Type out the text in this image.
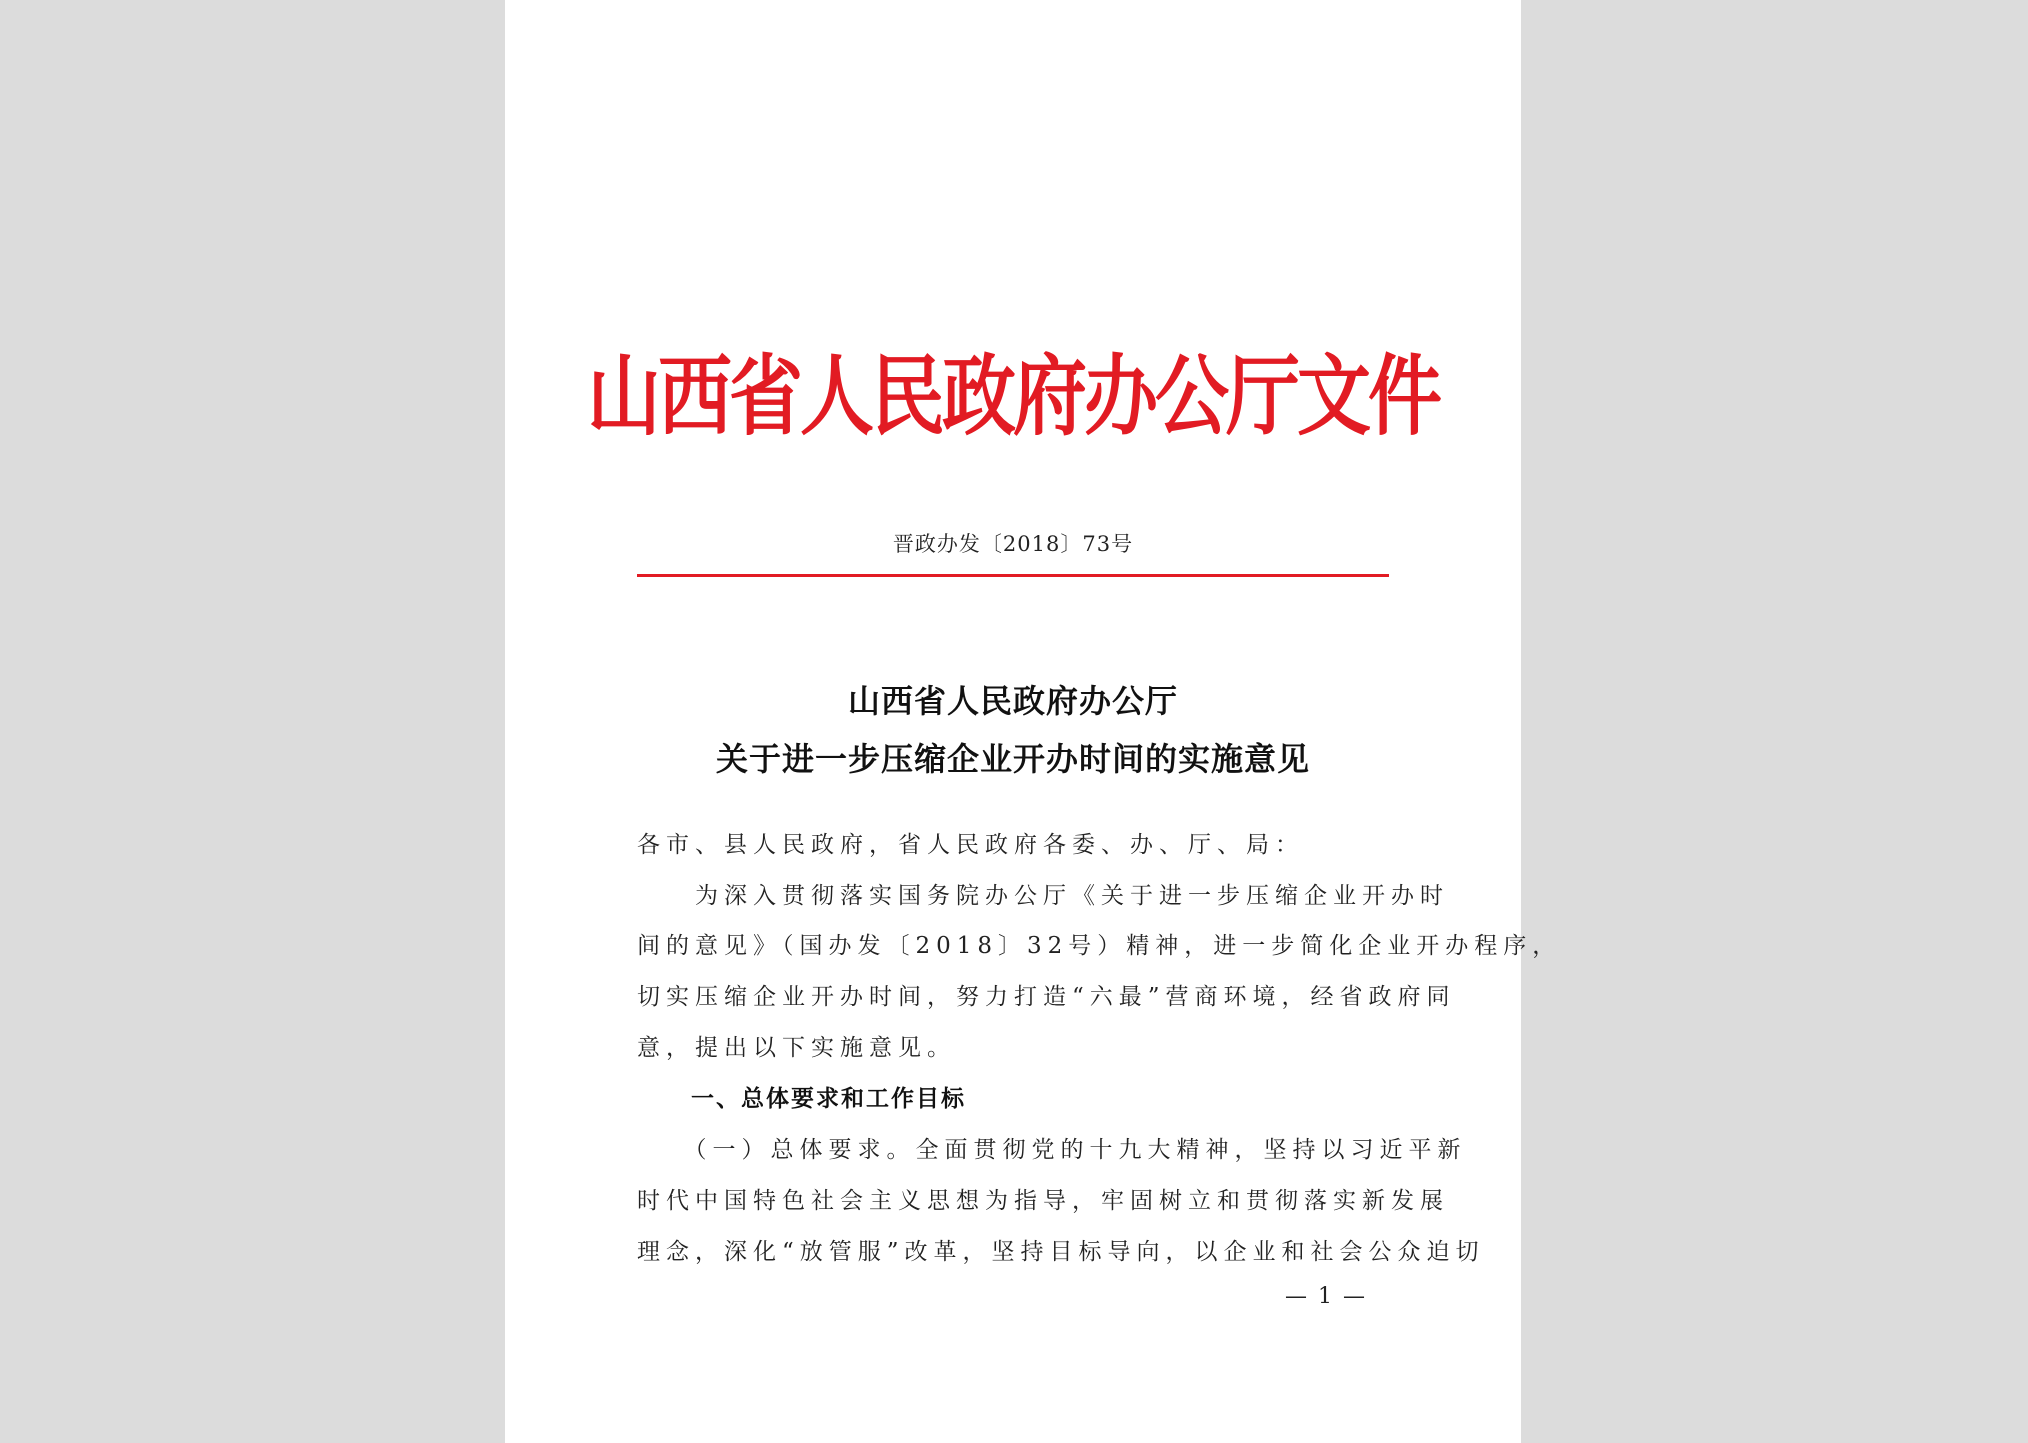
山西省人民政府办公厅文件
晋政办发〔2018〕73号
山西省人民政府办公厅
关于进一步压缩企业开办时间的实施意见
各市、县人民政府，省人民政府各委、办、厅、局：
　　为深入贯彻落实国务院办公厅《关于进一步压缩企业开办时
间的意见》（国办发〔2018〕32号）精神，进一步简化企业开办程序，
切实压缩企业开办时间，努力打造“六最”营商环境，经省政府同
意，提出以下实施意见。
一、总体要求和工作目标
　　（一）总体要求。全面贯彻党的十九大精神，坚持以习近平新
时代中国特色社会主义思想为指导，牢固树立和贯彻落实新发展
理念，深化“放管服”改革，坚持目标导向，以企业和社会公众迫切
— 1 —
